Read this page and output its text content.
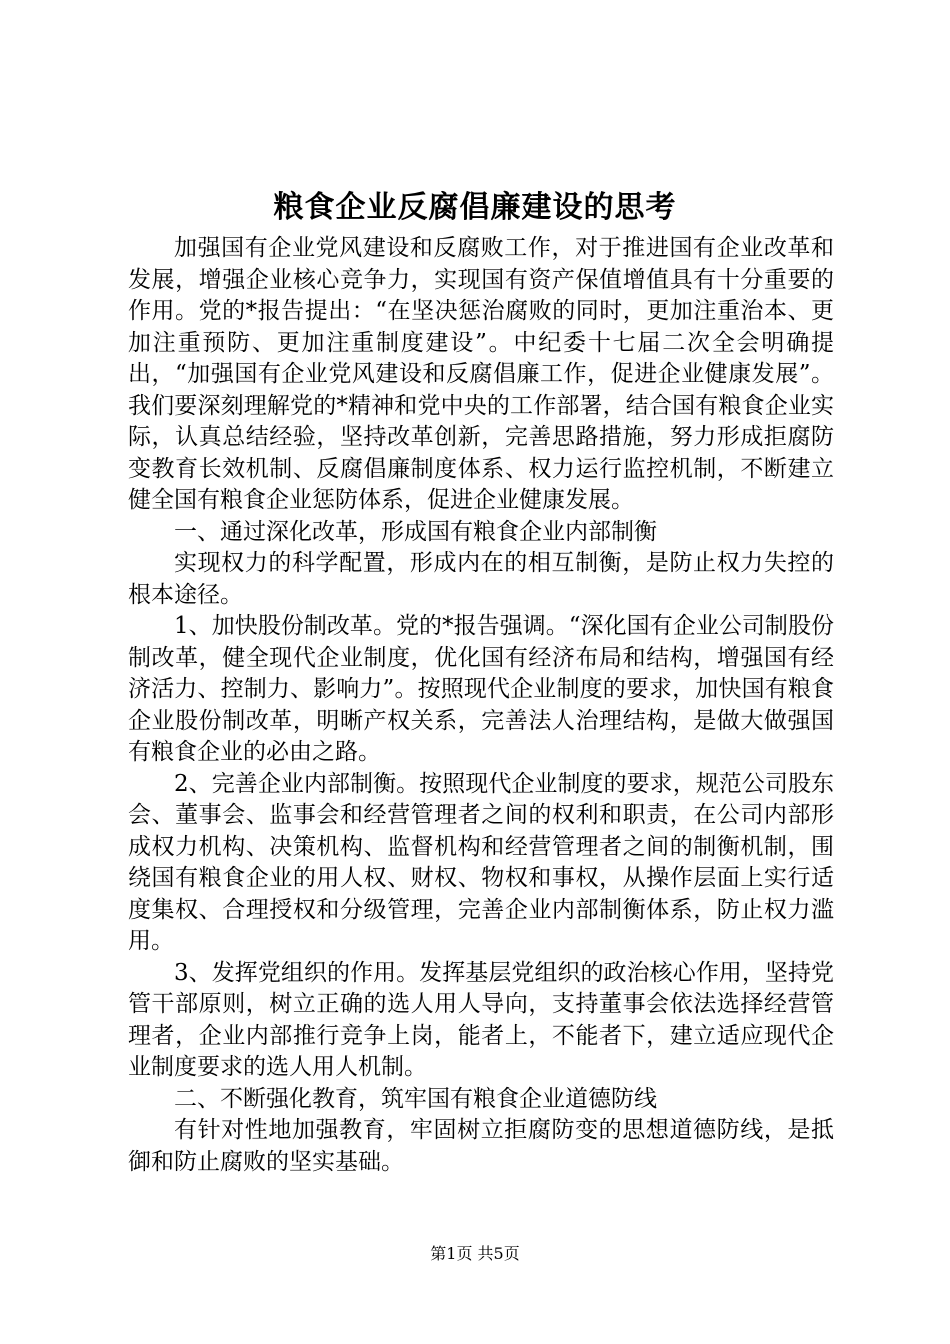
粮食企业反腐倡廉建设的思考

加强国有企业党风建设和反腐败工作，对于推进国有企业改革和发展，增强企业核心竞争力，实现国有资产保值增值具有十分重要的作用。党的*报告提出：“在坚决惩治腐败的同时，更加注重治本、更加注重预防、更加注重制度建设”。中纪委十七届二次全会明确提出，“加强国有企业党风建设和反腐倡廉工作，促进企业健康发展”。我们要深刻理解党的*精神和党中央的工作部署，结合国有粮食企业实际，认真总结经验，坚持改革创新，完善思路措施，努力形成拒腐防变教育长效机制、反腐倡廉制度体系、权力运行监控机制，不断建立健全国有粮食企业惩防体系，促进企业健康发展。

一、通过深化改革，形成国有粮食企业内部制衡

实现权力的科学配置，形成内在的相互制衡，是防止权力失控的根本途径。

1、加快股份制改革。党的*报告强调。“深化国有企业公司制股份制改革，健全现代企业制度，优化国有经济布局和结构，增强国有经济活力、控制力、影响力”。按照现代企业制度的要求，加快国有粮食企业股份制改革，明晰产权关系，完善法人治理结构，是做大做强国有粮食企业的必由之路。

2、完善企业内部制衡。按照现代企业制度的要求，规范公司股东会、董事会、监事会和经营管理者之间的权利和职责，在公司内部形成权力机构、决策机构、监督机构和经营管理者之间的制衡机制，围绕国有粮食企业的用人权、财权、物权和事权，从操作层面上实行适度集权、合理授权和分级管理，完善企业内部制衡体系，防止权力滥用。

3、发挥党组织的作用。发挥基层党组织的政治核心作用，坚持党管干部原则，树立正确的选人用人导向，支持董事会依法选择经营管理者，企业内部推行竞争上岗，能者上，不能者下，建立适应现代企业制度要求的选人用人机制。

二、不断强化教育，筑牢国有粮食企业道德防线

有针对性地加强教育，牢固树立拒腐防变的思想道德防线，是抵御和防止腐败的坚实基础。

第1页 共5页
